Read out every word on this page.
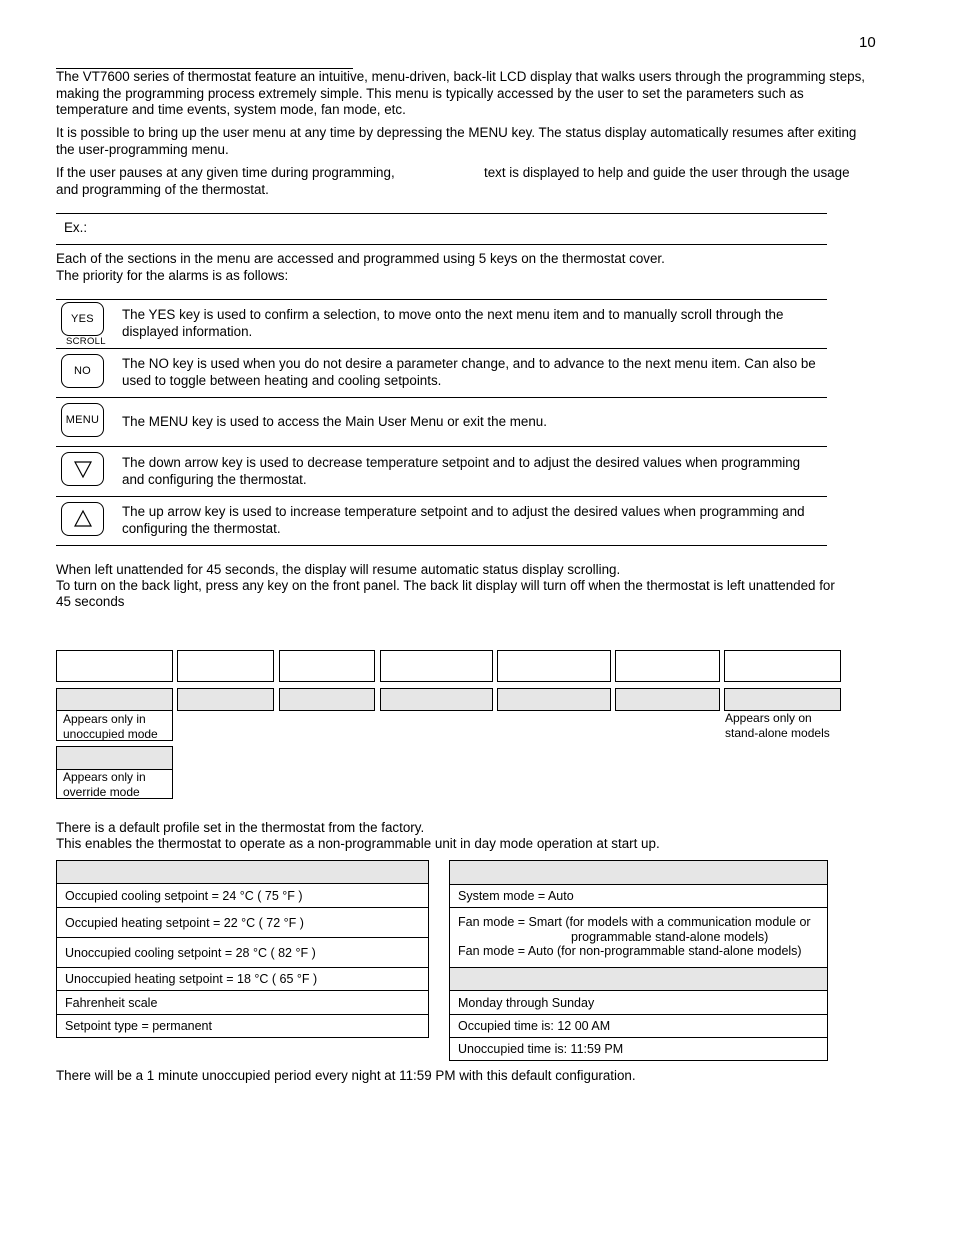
10
The VT7600 series of thermostat feature an intuitive, menu-driven, back-lit LCD display that walks users through the programming steps, making the programming process extremely simple. This menu is typically accessed by the user to set the parameters such as temperature and time events, system mode, fan mode, etc.
It is possible to bring up the user menu at any time by depressing the MENU key. The status display automatically resumes after exiting the user-programming menu.
If the user pauses at any given time during programming,	text is displayed to help and guide the user through the usage
and programming of the thermostat.
Ex.:
Each of the sections in the menu are accessed and programmed using 5 keys on the thermostat cover.
The priority for the alarms is as follows:
YES
SCROLL
The YES key is used to confirm a selection, to move onto the next menu item and to manually scroll through the displayed information.
NO The NO key is used when you do not desire a parameter change, and to advance to the next menu item. Can also be used to toggle between heating and cooling setpoints.
MENU The MENU key is used to access the Main User Menu or exit the menu.
The down arrow key is used to decrease temperature setpoint and to adjust the desired values when programming and configuring the thermostat.
The up arrow key is used to increase temperature setpoint and to adjust the desired values when programming and configuring the thermostat.
When left unattended for 45 seconds, the display will resume automatic status display scrolling.
To turn on the back light, press any key on the front panel. The back lit display will turn off when the thermostat is left unattended for
45 seconds
Appears only in unoccupied mode
Appears only on stand-alone models
Appears only in override mode
There is a default profile set in the thermostat from the factory.
This enables the thermostat to operate as a non-programmable unit in day mode operation at start up.
Occupied cooling setpoint = 24 °C ( 75 °F )
Occupied heating setpoint = 22 °C ( 72 °F )
Unoccupied cooling setpoint = 28 °C ( 82 °F )
Unoccupied heating setpoint = 18 °C ( 65 °F )
Fahrenheit scale
Setpoint type = permanent
System mode = Auto
Fan mode = Smart (for models with a communication module or
programmable stand-alone models)
Fan mode = Auto (for non-programmable stand-alone models)
Monday through Sunday
Occupied time is: 12 00 AM
Unoccupied time is: 11:59 PM
There will be a 1 minute unoccupied period every night at 11:59 PM with this default configuration.
